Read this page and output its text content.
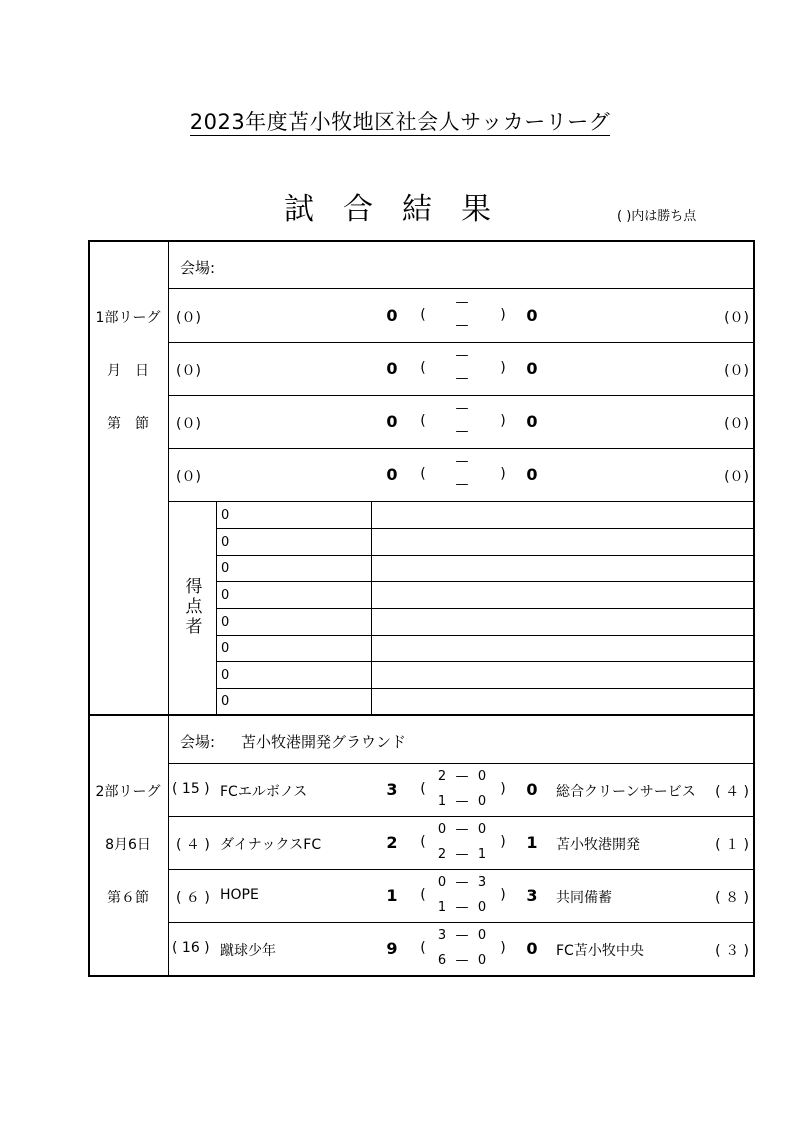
2023年度苫小牧地区社会人サッカーリーグ
試合結果	( )内は勝ち点
1部リーグ
月　日
第　節
会場:
(０)	0 (
—
—
) 0	(０)
(０)	0 (
—
—
) 0	(０)
(０)	0 (
—
—
) 0	(０)
(０)	0 (
—
—
) 0	(０)
得
点
者
0
0
0
0
0
0
0
0
2部リーグ
8月6日
第６節
会場: 苫小牧港開発グラウンド
( 15 ) FCエルボノス	3 (
2 — 0
1 — 0
) 0 総合クリーンサービス ( ４ )
( ４ ) ダイナックスFC	2 (
0 — 0
2 — 1
) 1 苫小牧港開発	( １ )
( ６ ) HOPE	1 (
0 — 3
1 — 0
) 3 共同備蓄	( ８ )
( 16 ) 蹴球少年	9 (
3 — 0
6 — 0
) 0 FC苫小牧中央	( ３ )
